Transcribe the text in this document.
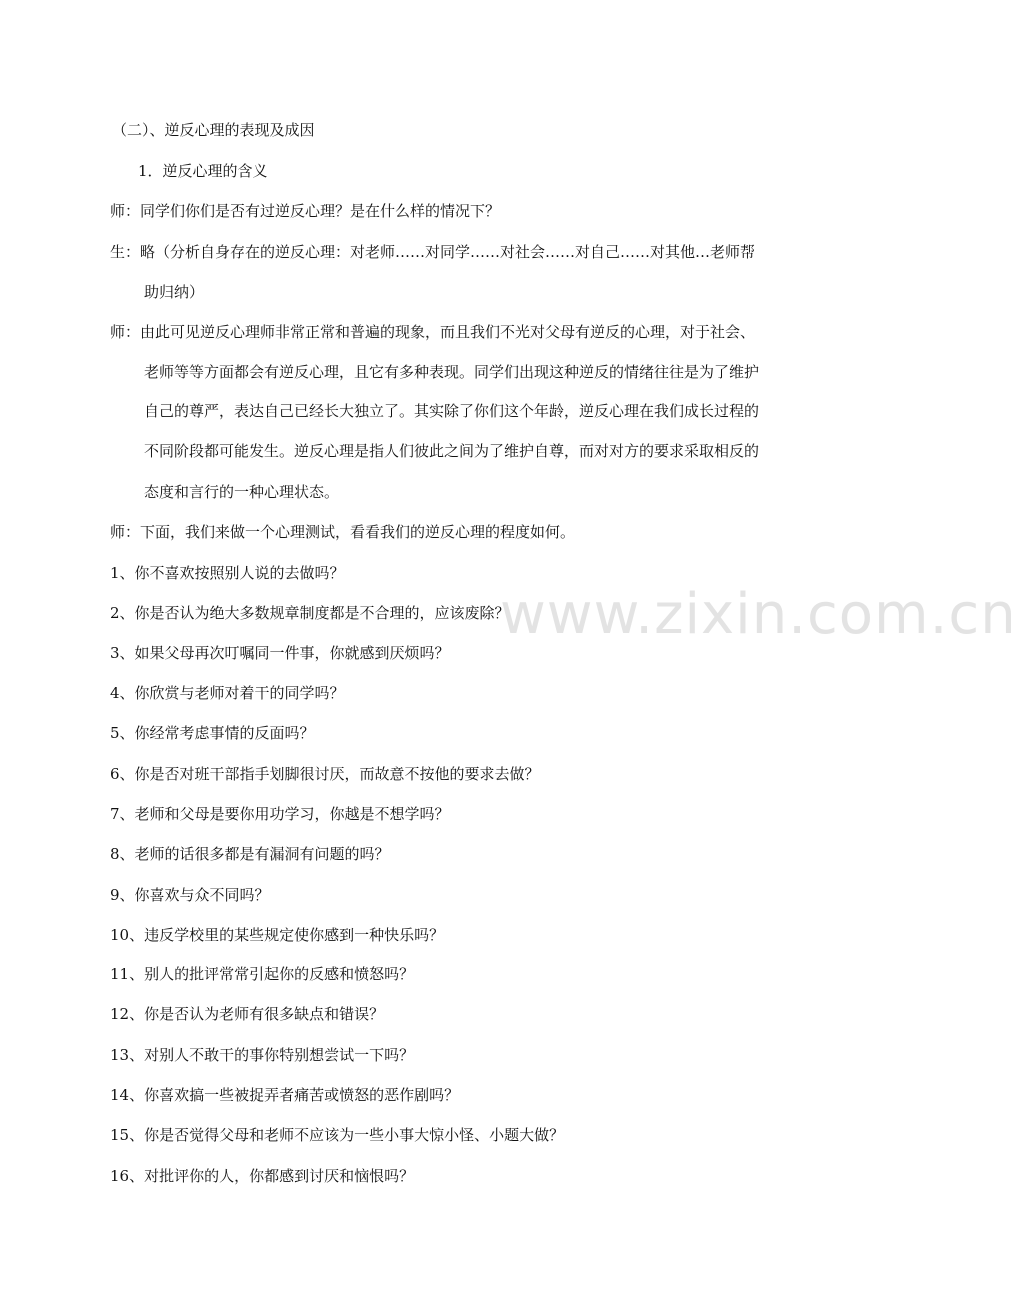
www.zixin.com.cn
（二）、逆反心理的表现及成因
1．逆反心理的含义
师：同学们你们是否有过逆反心理？是在什么样的情况下？
生：略（分析自身存在的逆反心理：对老师……对同学……对社会……对自己……对其他…老师帮
助归纳）
师：由此可见逆反心理师非常正常和普遍的现象，而且我们不光对父母有逆反的心理，对于社会、
老师等等方面都会有逆反心理，且它有多种表现。同学们出现这种逆反的情绪往往是为了维护
自己的尊严，表达自己已经长大独立了。其实除了你们这个年龄，逆反心理在我们成长过程的
不同阶段都可能发生。逆反心理是指人们彼此之间为了维护自尊，而对对方的要求采取相反的
态度和言行的一种心理状态。
师：下面，我们来做一个心理测试，看看我们的逆反心理的程度如何。
1、你不喜欢按照别人说的去做吗？
2、你是否认为绝大多数规章制度都是不合理的，应该废除？
3、如果父母再次叮嘱同一件事，你就感到厌烦吗？
4、你欣赏与老师对着干的同学吗？
5、你经常考虑事情的反面吗？
6、你是否对班干部指手划脚很讨厌，而故意不按他的要求去做？
7、老师和父母是要你用功学习，你越是不想学吗？
8、老师的话很多都是有漏洞有问题的吗？
9、你喜欢与众不同吗？
10、违反学校里的某些规定使你感到一种快乐吗？
11、别人的批评常常引起你的反感和愤怒吗？
12、你是否认为老师有很多缺点和错误？
13、对别人不敢干的事你特别想尝试一下吗？
14、你喜欢搞一些被捉弄者痛苦或愤怒的恶作剧吗？
15、你是否觉得父母和老师不应该为一些小事大惊小怪、小题大做？
16、对批评你的人，你都感到讨厌和恼恨吗？
